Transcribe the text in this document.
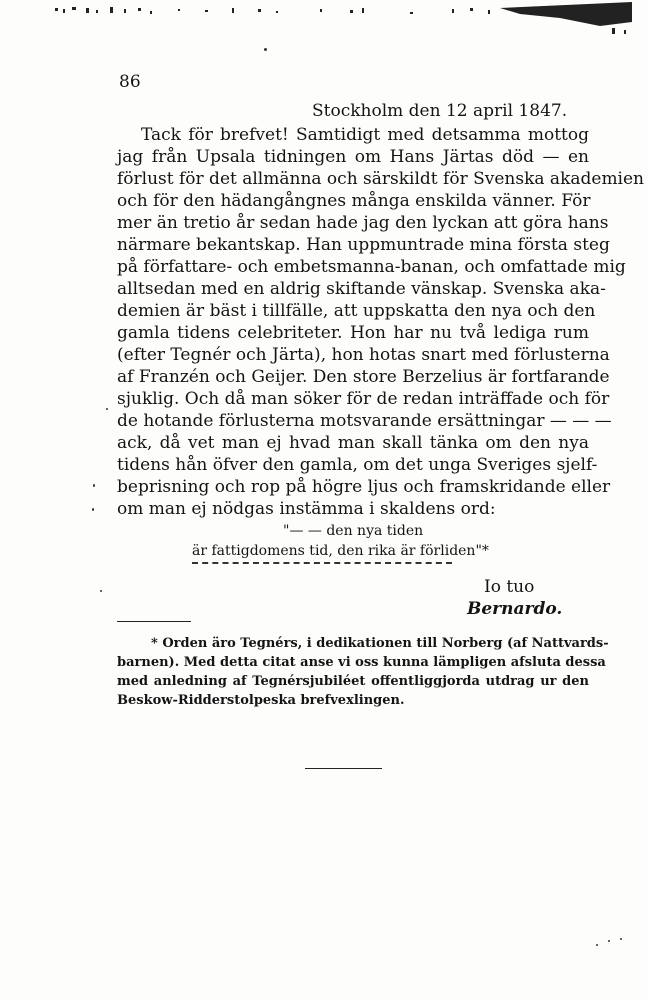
86
Stockholm den 12 april 1847.
Tack för brefvet! Samtidigt med detsamma mottog
jag från Upsala tidningen om Hans Järtas död — en
förlust för det allmänna och särskildt för Svenska akademien
och för den hädangångnes många enskilda vänner. För
mer än tretio år sedan hade jag den lyckan att göra hans
närmare bekantskap. Han uppmuntrade mina första steg
på författare- och embetsmanna-banan, och omfattade mig
alltsedan med en aldrig skiftande vänskap. Svenska aka-
demien är bäst i tillfälle, att uppskatta den nya och den
gamla tidens celebriteter. Hon har nu två lediga rum
(efter Tegnér och Järta), hon hotas snart med förlusterna
af Franzén och Geijer. Den store Berzelius är fortfarande
sjuklig. Och då man söker för de redan inträffade och för
de hotande förlusterna motsvarande ersättningar — — —
ack, då vet man ej hvad man skall tänka om den nya
tidens hån öfver den gamla, om det unga Sveriges sjelf-
beprisning och rop på högre ljus och framskridande eller
om man ej nödgas instämma i skaldens ord:
"— — den nya tiden
är fattigdomens tid, den rika är förliden"*
Io tuo
Bernardo.
* Orden äro Tegnérs, i dedikationen till Norberg (af Nattvards-
barnen). Med detta citat anse vi oss kunna lämpligen afsluta dessa
med anledning af Tegnérsjubiléet offentliggjorda utdrag ur den
Beskow-Ridderstolpeska brefvexlingen.
